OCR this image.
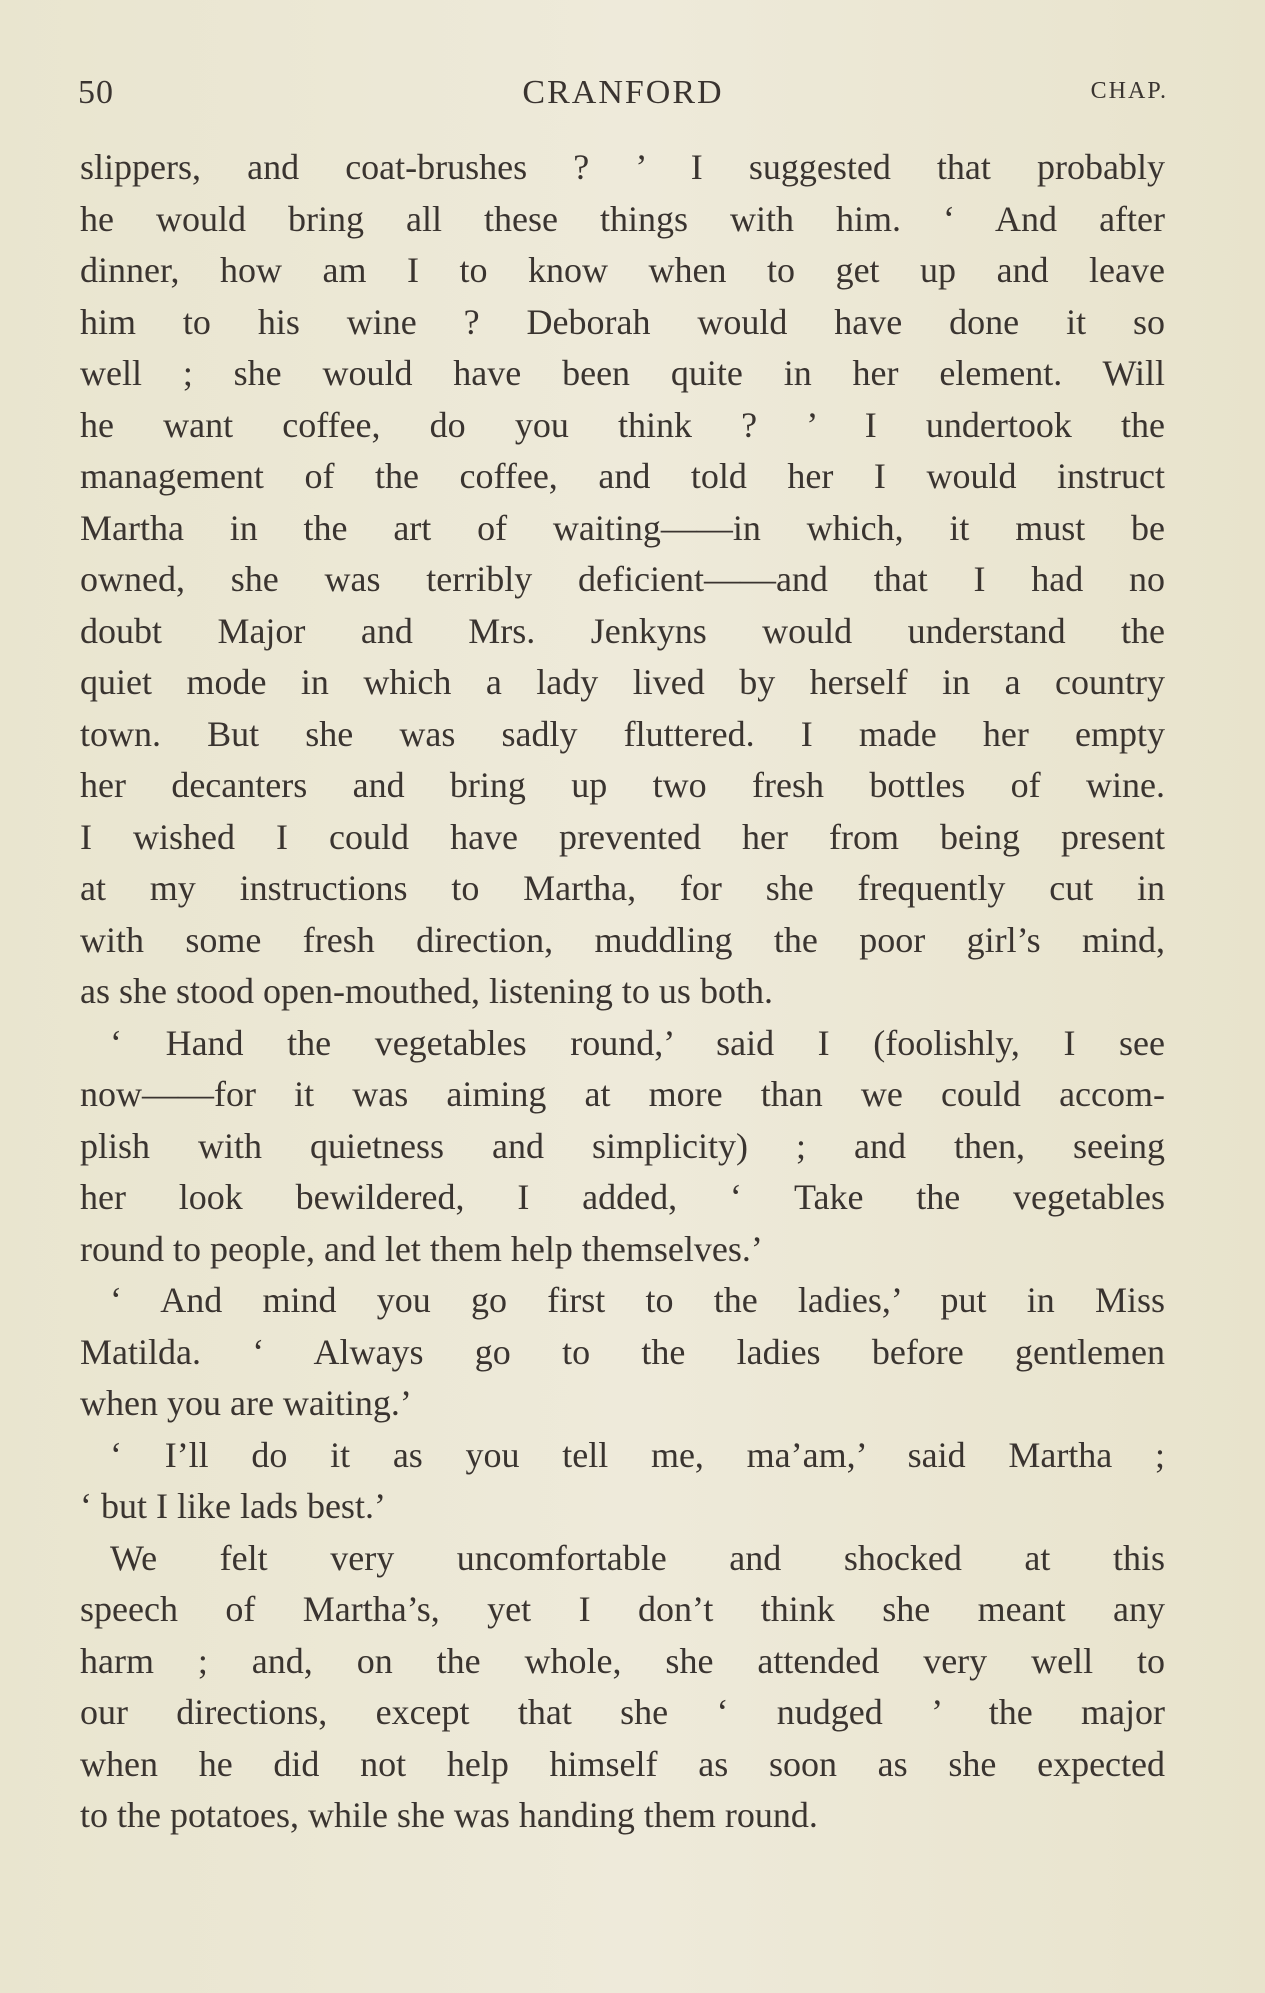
50	CRANFORD	CHAP.
slippers, and coat-brushes ? ’ I suggested that probably
he would bring all these things with him. ‘ And after
dinner, how am I to know when to get up and leave
him to his wine ? Deborah would have done it so
well ; she would have been quite in her element. Will
he want coffee, do you think ? ’ I undertook the
management of the coffee, and told her I would instruct
Martha in the art of waiting——in which, it must be
owned, she was terribly deficient——and that I had no
doubt Major and Mrs. Jenkyns would understand the
quiet mode in which a lady lived by herself in a country
town. But she was sadly fluttered. I made her empty
her decanters and bring up two fresh bottles of wine.
I wished I could have prevented her from being present
at my instructions to Martha, for she frequently cut in
with some fresh direction, muddling the poor girl’s mind,
as she stood open-mouthed, listening to us both.
‘ Hand the vegetables round,’ said I (foolishly, I see
now——for it was aiming at more than we could accom-
plish with quietness and simplicity) ; and then, seeing
her look bewildered, I added, ‘ Take the vegetables
round to people, and let them help themselves.’
‘ And mind you go first to the ladies,’ put in Miss
Matilda. ‘ Always go to the ladies before gentlemen
when you are waiting.’
‘ I’ll do it as you tell me, ma’am,’ said Martha ;
‘ but I like lads best.’
We felt very uncomfortable and shocked at this
speech of Martha’s, yet I don’t think she meant any
harm ; and, on the whole, she attended very well to
our directions, except that she ‘ nudged ’ the major
when he did not help himself as soon as she expected
to the potatoes, while she was handing them round.
